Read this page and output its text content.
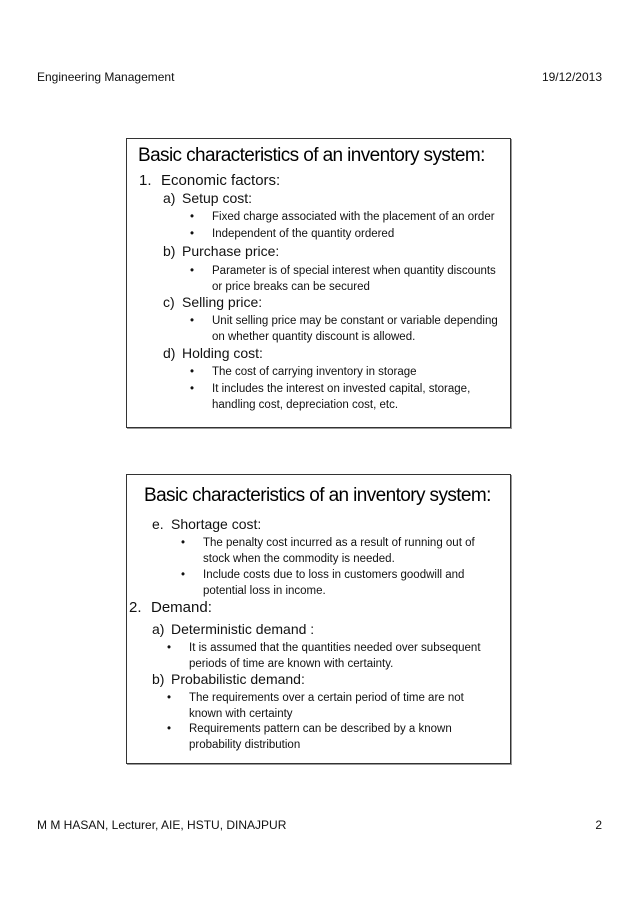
Engineering Management	19/12/2013
Basic characteristics of an inventory system:
1. Economic factors:
a) Setup cost:
• Fixed charge associated with the placement of an order
• Independent of the quantity ordered
b) Purchase price:
• Parameter is of special interest when quantity discounts or price breaks can be secured
c) Selling price:
• Unit selling price may be constant or variable depending on whether quantity discount is allowed.
d) Holding cost:
• The cost of carrying inventory in storage
• It includes the interest on invested capital, storage, handling cost, depreciation cost, etc.
Basic characteristics of an inventory system:
e. Shortage cost:
• The penalty cost incurred as a result of running out of stock when the commodity is needed.
• Include costs due to loss in customers goodwill and potential loss in income.
2. Demand:
a) Deterministic demand :
• It is assumed that the quantities needed over subsequent periods of time are known with certainty.
b) Probabilistic demand:
• The requirements over a certain period of time are not known with certainty
• Requirements pattern can be described by a known probability distribution
M M HASAN, Lecturer, AIE, HSTU, DINAJPUR	2
